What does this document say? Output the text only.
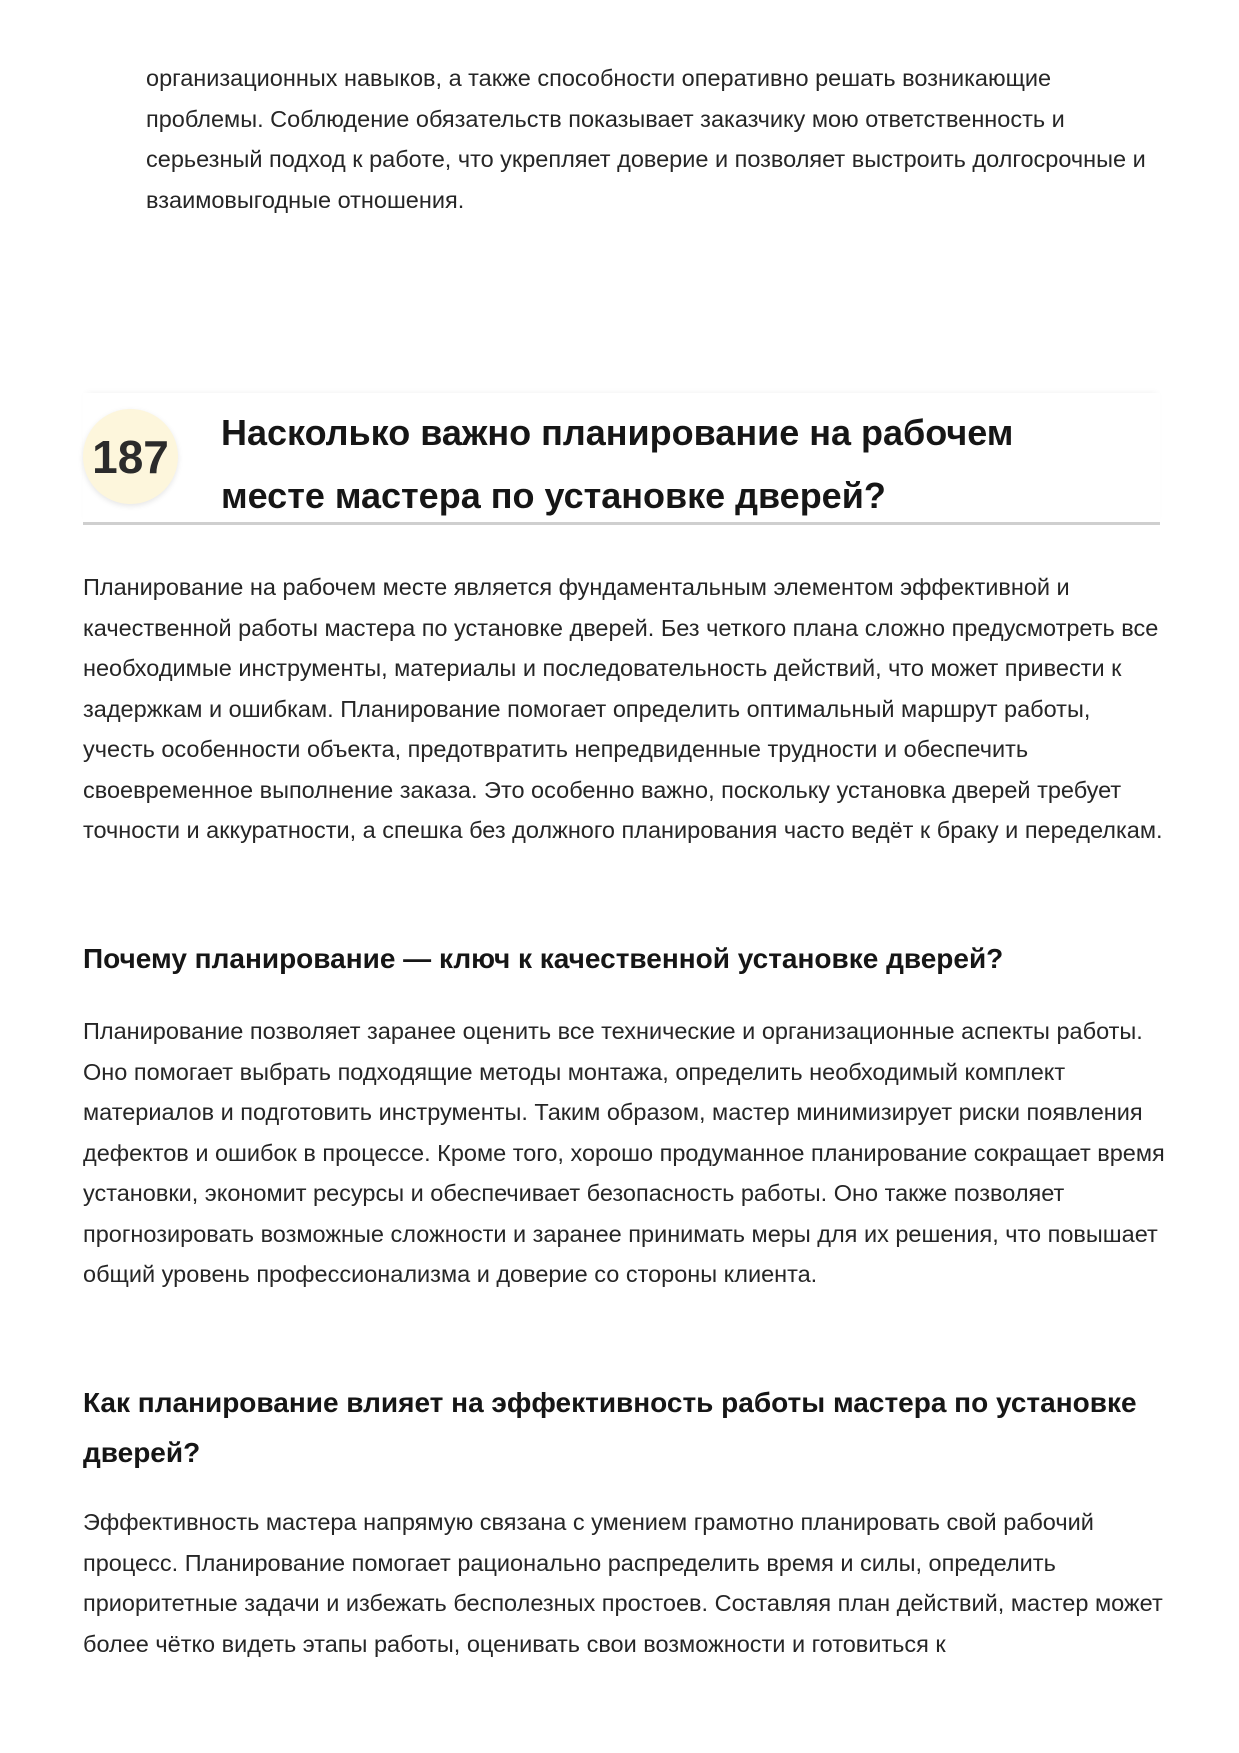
организационных навыков, а также способности оперативно решать возникающие проблемы. Соблюдение обязательств показывает заказчику мою ответственность и серьезный подход к работе, что укрепляет доверие и позволяет выстроить долгосрочные и взаимовыгодные отношения.

187 Насколько важно планирование на рабочем месте мастера по установке дверей?

Планирование на рабочем месте является фундаментальным элементом эффективной и качественной работы мастера по установке дверей. Без четкого плана сложно предусмотреть все необходимые инструменты, материалы и последовательность действий, что может привести к задержкам и ошибкам. Планирование помогает определить оптимальный маршрут работы, учесть особенности объекта, предотвратить непредвиденные трудности и обеспечить своевременное выполнение заказа. Это особенно важно, поскольку установка дверей требует точности и аккуратности, а спешка без должного планирования часто ведёт к браку и переделкам.

Почему планирование — ключ к качественной установке дверей?

Планирование позволяет заранее оценить все технические и организационные аспекты работы. Оно помогает выбрать подходящие методы монтажа, определить необходимый комплект материалов и подготовить инструменты. Таким образом, мастер минимизирует риски появления дефектов и ошибок в процессе. Кроме того, хорошо продуманное планирование сокращает время установки, экономит ресурсы и обеспечивает безопасность работы. Оно также позволяет прогнозировать возможные сложности и заранее принимать меры для их решения, что повышает общий уровень профессионализма и доверие со стороны клиента.

Как планирование влияет на эффективность работы мастера по установке дверей?

Эффективность мастера напрямую связана с умением грамотно планировать свой рабочий процесс. Планирование помогает рационально распределить время и силы, определить приоритетные задачи и избежать бесполезных простоев. Составляя план действий, мастер может более чётко видеть этапы работы, оценивать свои возможности и готовиться к
